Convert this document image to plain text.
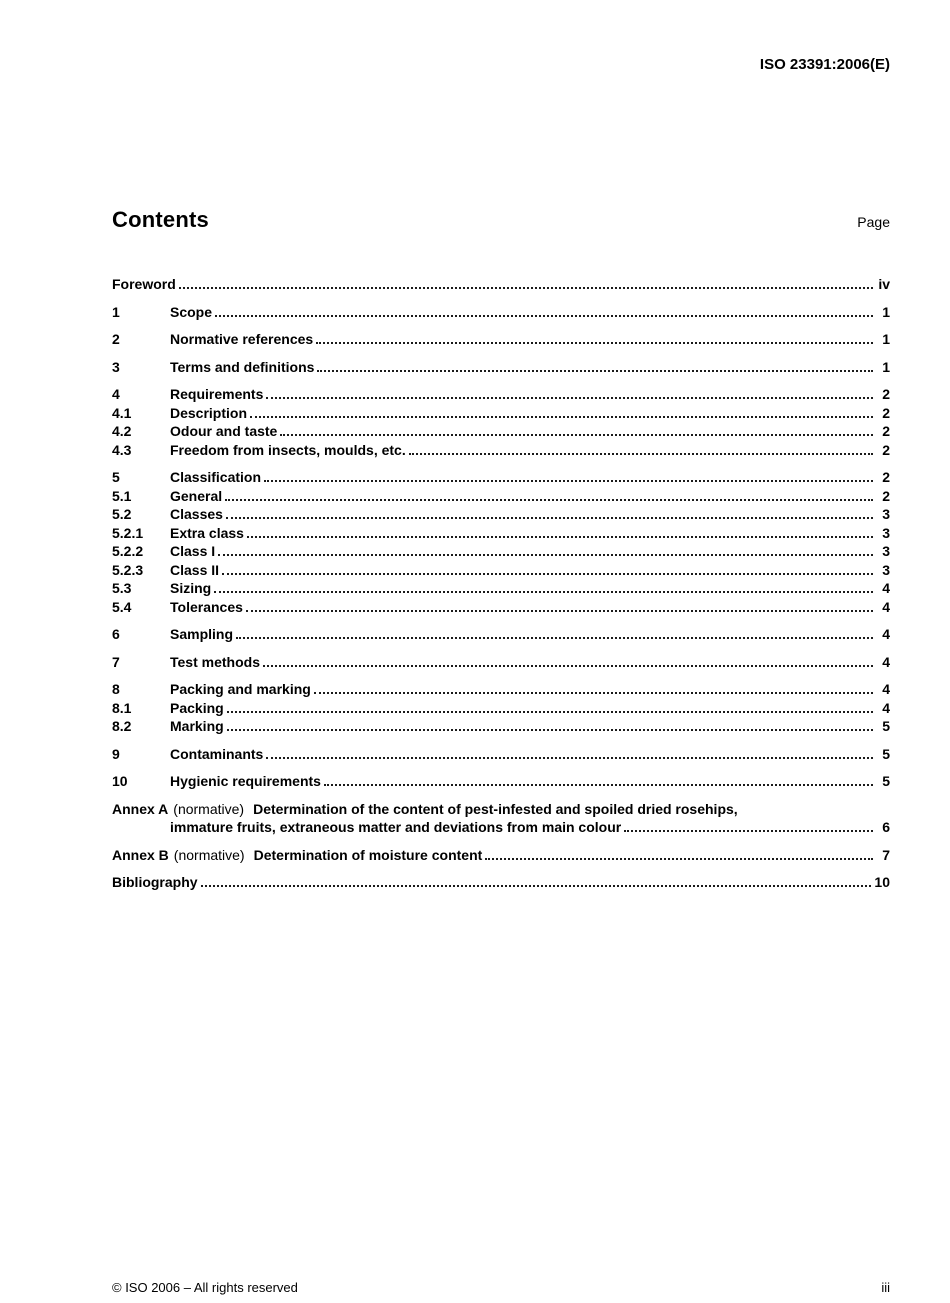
ISO 23391:2006(E)
Contents	Page
Foreword	iv
1	Scope	1
2	Normative references	1
3	Terms and definitions	1
4	Requirements	2
4.1	Description	2
4.2	Odour and taste	2
4.3	Freedom from insects, moulds, etc.	2
5	Classification	2
5.1	General	2
5.2	Classes	3
5.2.1	Extra class	3
5.2.2	Class I	3
5.2.3	Class II	3
5.3	Sizing	4
5.4	Tolerances	4
6	Sampling	4
7	Test methods	4
8	Packing and marking	4
8.1	Packing	4
8.2	Marking	5
9	Contaminants	5
10	Hygienic requirements	5
Annex A (normative) Determination of the content of pest-infested and spoiled dried rosehips,
immature fruits, extraneous matter and deviations from main colour	6
Annex B (normative) Determination of moisture content	7
Bibliography	10
© ISO 2006 – All rights reserved	iii
